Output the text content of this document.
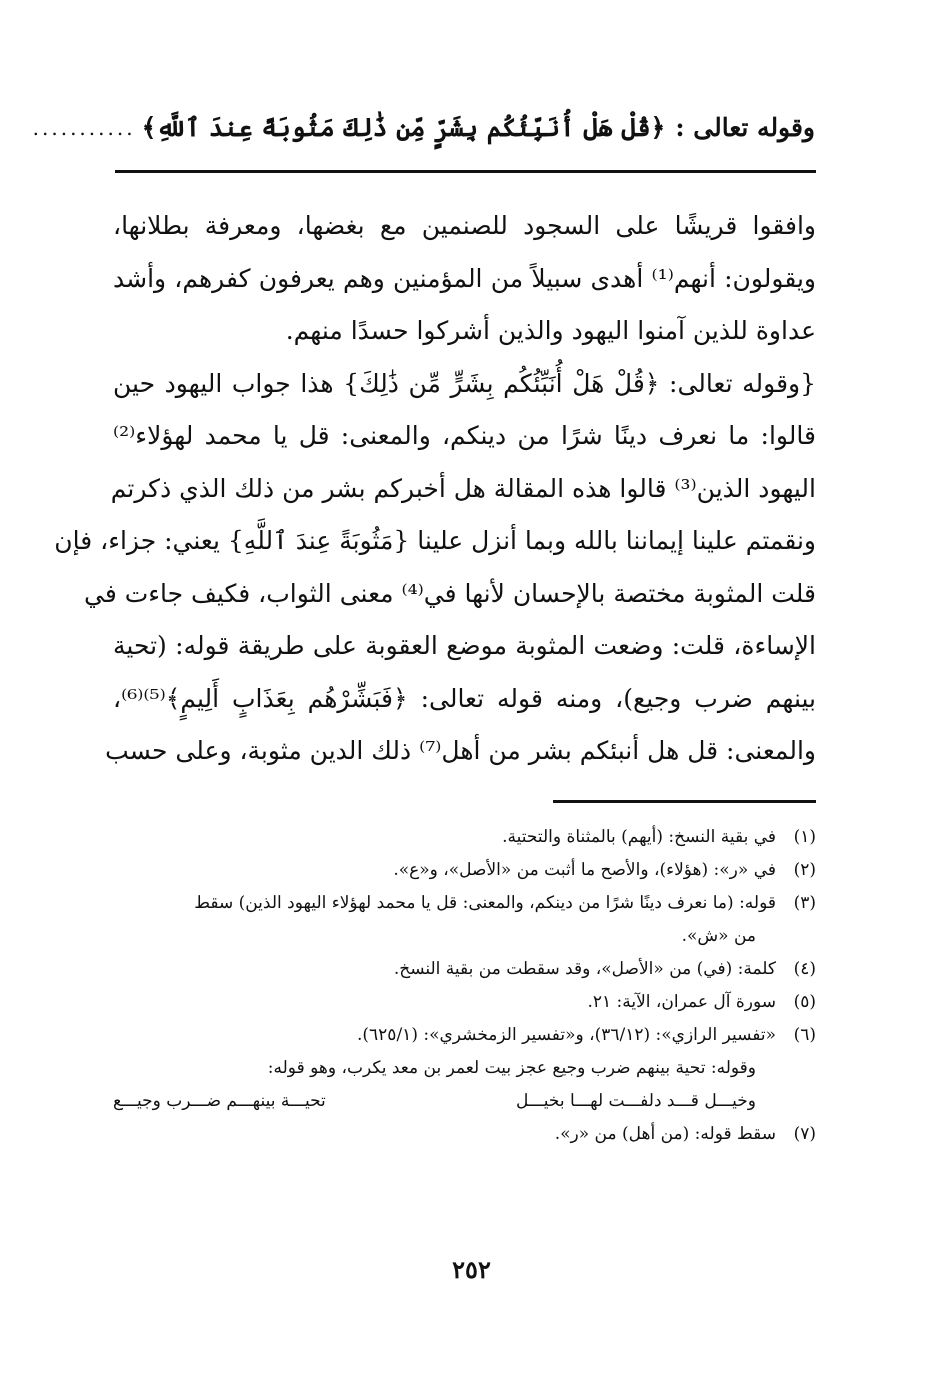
وقوله تعالى :
﴿قُلْ هَلْ أُنَبِّئُكُم بِشَرٍّ مِّن ذَٰلِكَ مَثُوبَةً عِندَ ٱللَّهِ﴾
...........
وافقوا قريشًا على السجود للصنمين مع بغضها، ومعرفة بطلانها،
ويقولون: أنهم⁽¹⁾ أهدى سبيلاً من المؤمنين وهم يعرفون كفرهم، وأشد
عداوة للذين آمنوا اليهود والذين أشركوا حسدًا منهم.
{وقوله تعالى: ﴿قُلْ هَلْ أُنَبِّئُكُم بِشَرٍّ مِّن ذَٰلِكَ} هذا جواب اليهود حين
قالوا: ما نعرف دينًا شرًا من دينكم، والمعنى: قل يا محمد لهؤلاء⁽²⁾
اليهود الذين⁽³⁾ قالوا هذه المقالة هل أخبركم بشر من ذلك الذي ذكرتم
ونقمتم علينا إيماننا بالله وبما أنزل علينا {مَثُوبَةً عِندَ ٱللَّهِ} يعني: جزاء، فإن
قلت المثوبة مختصة بالإحسان لأنها في⁽⁴⁾ معنى الثواب، فكيف جاءت في
الإساءة، قلت: وضعت المثوبة موضع العقوبة على طريقة قوله: (تحية
بينهم ضرب وجيع)، ومنه قوله تعالى: ﴿فَبَشِّرْهُم بِعَذَابٍ أَلِيمٍ﴾⁽⁵⁾⁽⁶⁾،
والمعنى: قل هل أنبئكم بشر من أهل⁽⁷⁾ ذلك الدين مثوبة، وعلى حسب
(١)
في بقية النسخ: (أيهم) بالمثناة والتحتية.
(٢)
في «ر»: (هؤلاء)، والأصح ما أثبت من «الأصل»، و«ع».
(٣)
قوله: (ما نعرف دينًا شرًا من دينكم، والمعنى: قل يا محمد لهؤلاء اليهود الذين) سقط
من «ش».
(٤)
كلمة: (في) من «الأصل»، وقد سقطت من بقية النسخ.
(٥)
سورة آل عمران، الآية: ٢١.
(٦)
«تفسير الرازي»: (٣٦/١٢)، و«تفسير الزمخشري»: (٦٢٥/١).
وقوله: تحية بينهم ضرب وجيع عجز بيت لعمر بن معد يكرب، وهو قوله:
وخيـــل قـــد دلفـــت لهـــا بخيـــل
تحيـــة بينهـــم ضـــرب وجيـــع
(٧)
سقط قوله: (من أهل) من «ر».
٢٥٢
